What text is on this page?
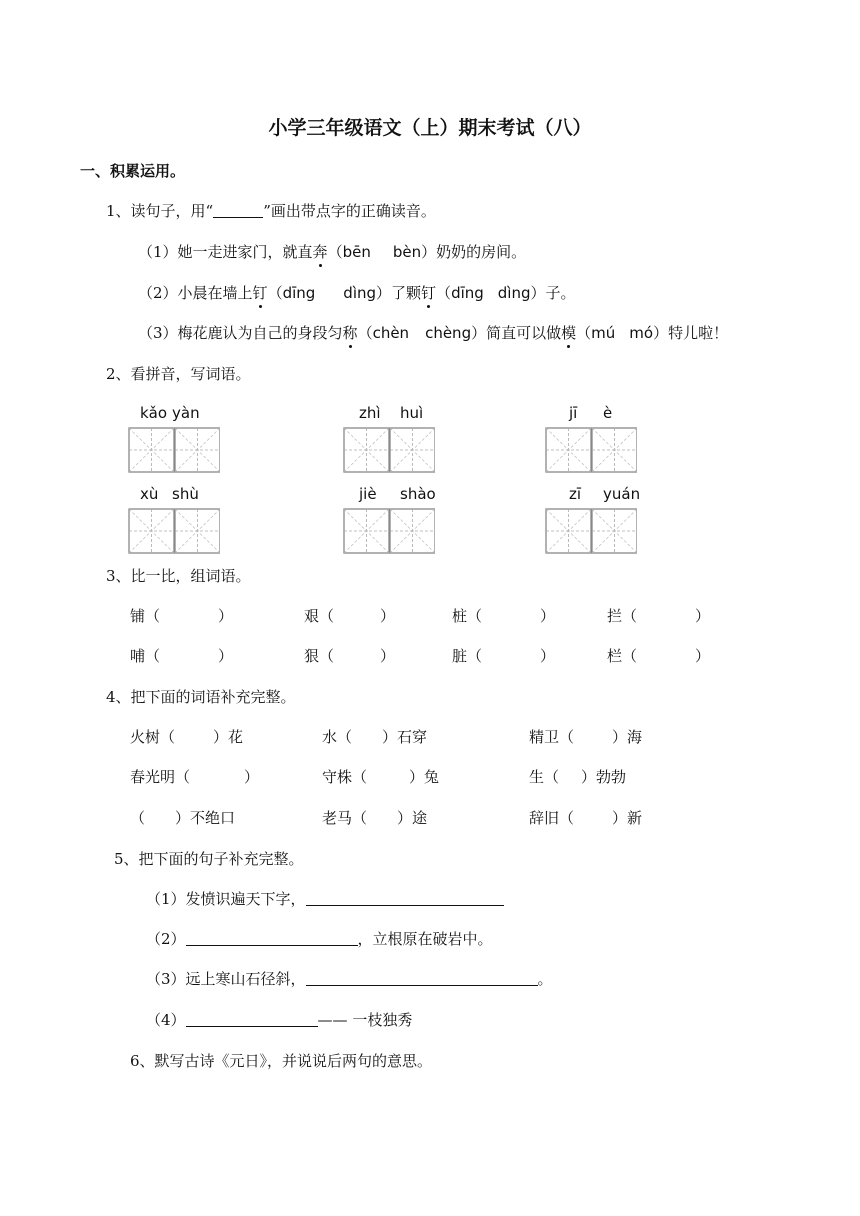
小学三年级语文（上）期末考试（八）
一、积累运用。
1、读句子，用“	”画出带点字的正确读音。
（1）她一走进家门，就直奔（bēn bèn）奶奶的房间。
（2）小晨在墙上钉（dīng dìng）了颗钉（dīng dìng）子。
（3）梅花鹿认为自己的身段匀称（chèn chèng）简直可以做模（mú mó）特儿啦！
2、看拼音，写词语。
kǎo yàn	zhì huì	jī è
xù shù	jiè shào	zī yuán
3、比一比，组词语。
铺（	）	艰（	）	桩（	）	拦（	）
哺（	）	狠（	）	脏（	）	栏（	）
4、把下面的词语补充完整。
火树（	）花	水（ ）石穿	精卫（	）海
春光明（	）	守株（	）兔	生（ ）勃勃
（ ）不绝口	老马（ ）途	辞旧（	）新
5、把下面的句子补充完整。
（1）发愤识遍天下字，
（2）	，立根原在破岩中。
（3）远上寒山石径斜，	。
（4）	—— 一枝独秀
6、默写古诗《元日》，并说说后两句的意思。
